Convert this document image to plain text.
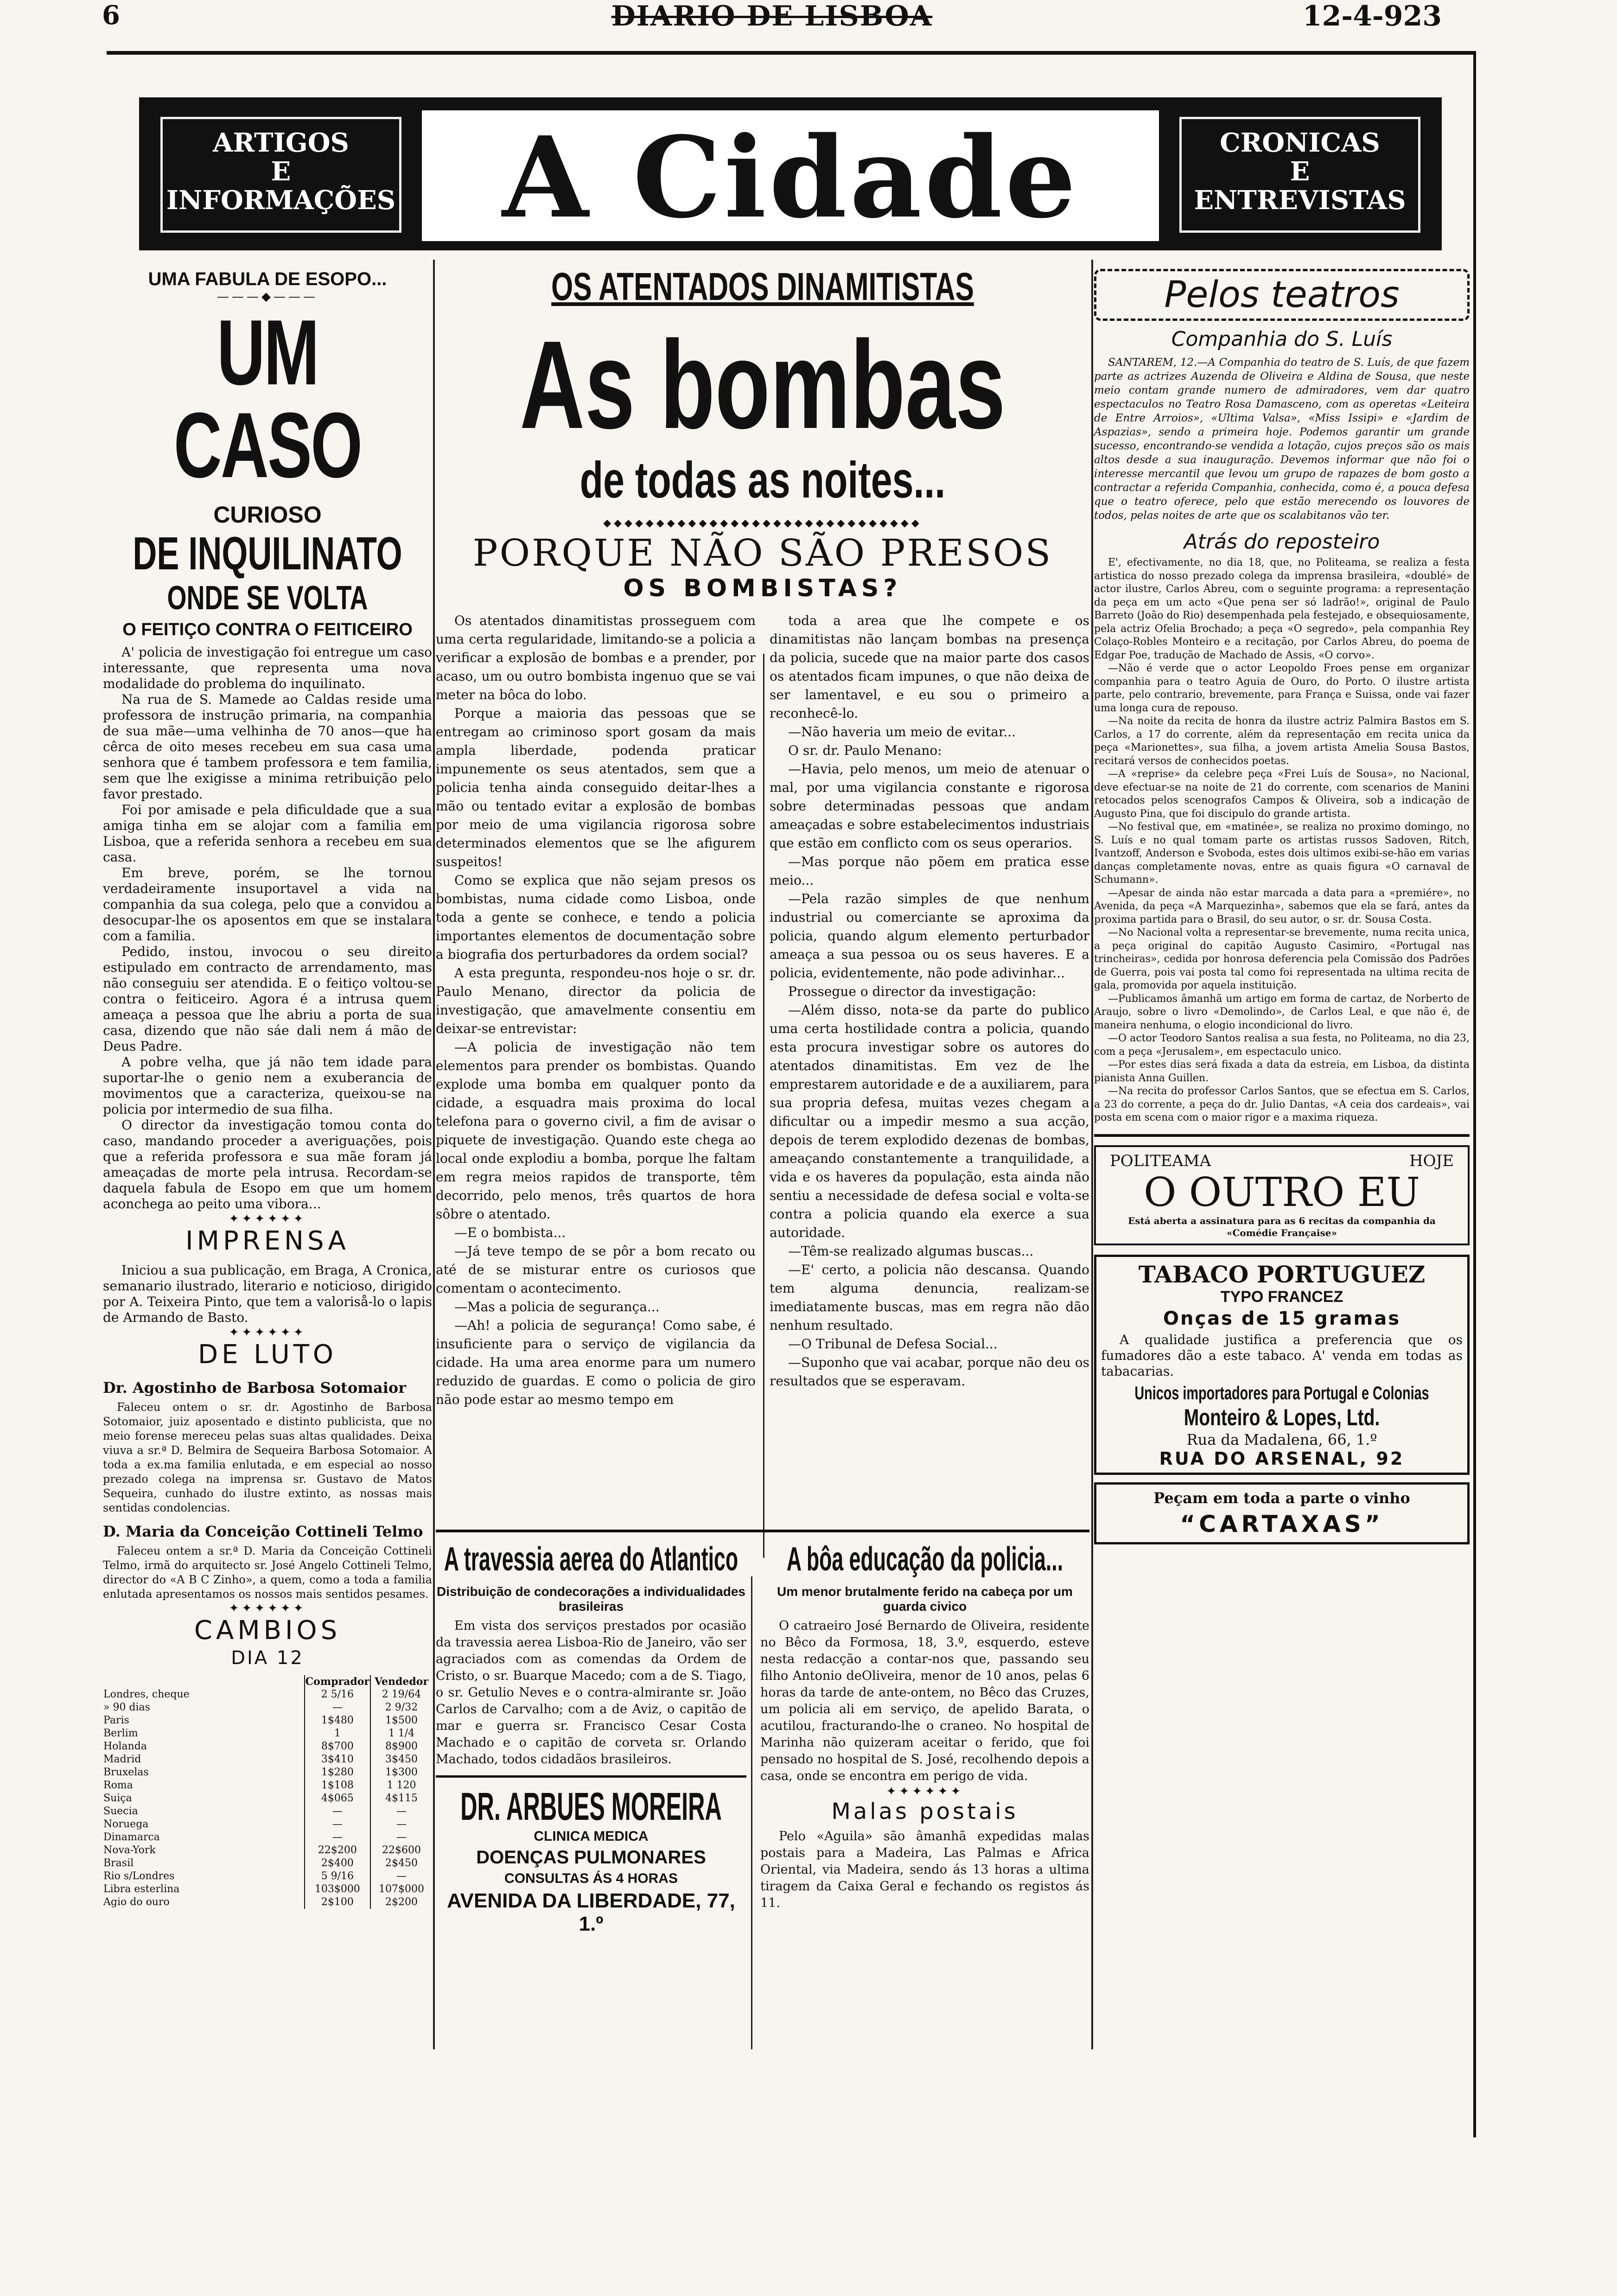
6	DIARIO DE LISBOA	12-4-923
ARTIGOS
E
INFORMAÇÕES A Cidade	CRONICAS
E
ENTREVISTAS
UMA FABULA DE ESOPO...
———◆———
UM CASO
CURIOSO
DE INQUILINATO
ONDE SE VOLTA
O FEITIÇO CONTRA O FEITICEIRO

A' policia de investigação foi entregue um caso interessante, que representa uma nova modalidade do problema do inquilinato.

Na rua de S. Mamede ao Caldas reside uma professora de instrução primaria, na companhia de sua mãe—uma velhinha de 70 anos—que ha cêrca de oito meses recebeu em sua casa uma senhora que é tambem professora e tem familia, sem que lhe exigisse a minima retribuição pelo favor prestado.

Foi por amisade e pela dificuldade que a sua amiga tinha em se alojar com a familia em Lisboa, que a referida senhora a recebeu em sua casa.

Em breve, porém, se lhe tornou verdadeiramente insuportavel a vida na companhia da sua colega, pelo que a convidou a desocupar-lhe os aposentos em que se instalara com a familia.

Pedido, instou, invocou o seu direito estipulado em contracto de arrendamento, mas não conseguiu ser atendida. E o feitiço voltou-se contra o feiticeiro. Agora é a intrusa quem ameaça a pessoa que lhe abriu a porta de sua casa, dizendo que não sáe dali nem á mão de Deus Padre.

A pobre velha, que já não tem idade para suportar-lhe o genio nem a exuberancia de movimentos que a caracteriza, queixou-se na policia por intermedio de sua filha.

O director da investigação tomou conta do caso, mandando proceder a averiguações, pois que a referida professora e sua mãe foram já ameaçadas de morte pela intrusa. Recordam-se daquela fabula de Esopo em que um homem aconchega ao peito uma vibora...

✦✦✦✦✦✦
IMPRENSA

Iniciou a sua publicação, em Braga, A Cronica, semanario ilustrado, literario e noticioso, dirigido por A. Teixeira Pinto, que tem a valoriså-lo o lapis de Armando de Basto.

✦✦✦✦✦✦
DE LUTO
Dr. Agostinho de Barbosa Sotomaior

Faleceu ontem o sr. dr. Agostinho de Barbosa Sotomaior, juiz aposentado e distinto publicista, que no meio forense mereceu pelas suas altas qualidades. Deixa viuva a sr.ª D. Belmira de Sequeira Barbosa Sotomaior. A toda a ex.ma familia enlutada, e em especial ao nosso prezado colega na imprensa sr. Gustavo de Matos Sequeira, cunhado do ilustre extinto, as nossas mais sentidas condolencias.

D. Maria da Conceição Cottineli Telmo

Faleceu ontem a sr.ª D. Maria da Conceição Cottineli Telmo, irmã do arquitecto sr. José Angelo Cottineli Telmo, director do «A B C Zinho», a quem, como a toda a familia enlutada apresentamos os nossos mais sentidos pesames.

✦✦✦✦✦✦
CAMBIOS
DIA 12
	Comprador	Vendedor
Londres, cheque	2 5/16	2 19/64
» 90 dias	—	2 9/32
Paris	1$480	1$500
Berlim	1	1 1/4
Holanda	8$700	8$900
Madrid	3$410	3$450
Bruxelas	1$280	1$300
Roma	1$108	1 120
Suiça	4$065	4$115
Suecia	—	—
Noruega	—	—
Dinamarca	—	—
Nova-York	22$200	22$600
Brasil	2$400	2$450
Rio s/Londres	5 9/16	—
Libra esterlina	103$000	107$000
Agio do ouro	2$100	2$200
OS ATENTADOS DINAMITISTAS
As bombas
de todas as noites...
◆◆◆◆◆◆◆◆◆◆◆◆◆◆◆◆◆◆◆◆◆◆◆◆◆◆◆◆◆◆
PORQUE NÃO SÃO PRESOS
OS BOMBISTAS?

Os atentados dinamitistas prosseguem com uma certa regularidade, limitando-se a policia a verificar a explosão de bombas e a prender, por acaso, um ou outro bombista ingenuo que se vai meter na bôca do lobo.

Porque a maioria das pessoas que se entregam ao criminoso sport gosam da mais ampla liberdade, podenda praticar impunemente os seus atentados, sem que a policia tenha ainda conseguido deitar-lhes a mão ou tentado evitar a explosão de bombas por meio de uma vigilancia rigorosa sobre determinados elementos que se lhe afigurem suspeitos!

Como se explica que não sejam presos os bombistas, numa cidade como Lisboa, onde toda a gente se conhece, e tendo a policia importantes elementos de documentação sobre a biografia dos perturbadores da ordem social?

A esta pregunta, respondeu-nos hoje o sr. dr. Paulo Menano, director da policia de investigação, que amavelmente consentiu em deixar-se entrevistar:

—A policia de investigação não tem elementos para prender os bombistas. Quando explode uma bomba em qualquer ponto da cidade, a esquadra mais proxima do local telefona para o governo civil, a fim de avisar o piquete de investigação. Quando este chega ao local onde explodiu a bomba, porque lhe faltam em regra meios rapidos de transporte, têm decorrido, pelo menos, três quartos de hora sôbre o atentado.

—E o bombista...

—Já teve tempo de se pôr a bom recato ou até de se misturar entre os curiosos que comentam o acontecimento.

—Mas a policia de segurança...

—Ah! a policia de segurança! Como sabe, é insuficiente para o serviço de vigilancia da cidade. Ha uma area enorme para um numero reduzido de guardas. E como o policia de giro não pode estar ao mesmo tempo em

toda a area que lhe compete e os dinamitistas não lançam bombas na presença da policia, sucede que na maior parte dos casos os atentados ficam impunes, o que não deixa de ser lamentavel, e eu sou o primeiro a reconhecê-lo.

—Não haveria um meio de evitar...

O sr. dr. Paulo Menano:

—Havia, pelo menos, um meio de atenuar o mal, por uma vigilancia constante e rigorosa sobre determinadas pessoas que andam ameaçadas e sobre estabelecimentos industriais que estão em conflicto com os seus operarios.

—Mas porque não põem em pratica esse meio...

—Pela razão simples de que nenhum industrial ou comerciante se aproxima da policia, quando algum elemento perturbador ameaça a sua pessoa ou os seus haveres. E a policia, evidentemente, não pode adivinhar...

Prossegue o director da investigação:

—Além disso, nota-se da parte do publico uma certa hostilidade contra a policia, quando esta procura investigar sobre os autores do atentados dinamitistas. Em vez de lhe emprestarem autoridade e de a auxiliarem, para sua propria defesa, muitas vezes chegam a dificultar ou a impedir mesmo a sua acção, depois de terem explodido dezenas de bombas, ameaçando constantemente a tranquilidade, a vida e os haveres da população, esta ainda não sentiu a necessidade de defesa social e volta-se contra a policia quando ela exerce a sua autoridade.

—Têm-se realizado algumas buscas...

—E' certo, a policia não descansa. Quando tem alguma denuncia, realizam-se imediatamente buscas, mas em regra não dão nenhum resultado.

—O Tribunal de Defesa Social...

—Suponho que vai acabar, porque não deu os resultados que se esperavam.

A travessia aerea do Atlantico
Distribuição de condecorações a individualidades brasileiras

Em vista dos serviços prestados por ocasião da travessia aerea Lisboa-Rio de Janeiro, vão ser agraciados com as comendas da Ordem de Cristo, o sr. Buarque Macedo; com a de S. Tiago, o sr. Getulio Neves e o contra-almirante sr. João Carlos de Carvalho; com a de Aviz, o capitão de mar e guerra sr. Francisco Cesar Costa Machado e o capitão de corveta sr. Orlando Machado, todos cidadãos brasileiros.

DR. ARBUES MOREIRA
CLINICA MEDICA
DOENÇAS PULMONARES
CONSULTAS ÁS 4 HORAS
AVENIDA DA LIBERDADE, 77, 1.º
A bôa educação da policia...
Um menor brutalmente ferido na cabeça por um guarda civico

O catraeiro José Bernardo de Oliveira, residente no Bêco da Formosa, 18, 3.º, esquerdo, esteve nesta redacção a contar-nos que, passando seu filho Antonio deOliveira, menor de 10 anos, pelas 6 horas da tarde de ante-ontem, no Bêco das Cruzes, um policia ali em serviço, de apelido Barata, o acutilou, fracturando-lhe o craneo. No hospital de Marinha não quizeram aceitar o ferido, que foi pensado no hospital de S. José, recolhendo depois a casa, onde se encontra em perigo de vida.

✦✦✦✦✦✦
Malas postais

Pelo «Aguila» são âmanhã expedidas malas postais para a Madeira, Las Palmas e Africa Oriental, via Madeira, sendo ás 13 horas a ultima tiragem da Caixa Geral e fechando os registos ás 11.

Pelos teatros
Companhia do S. Luís

SANTAREM, 12.—A Companhia do teatro de S. Luís, de que fazem parte as actrizes Auzenda de Oliveira e Aldina de Sousa, que neste meio contam grande numero de admiradores, vem dar quatro espectaculos no Teatro Rosa Damasceno, com as operetas «Leiteira de Entre Arroios», «Ultima Valsa», «Miss Issipi» e «Jardim de Aspazias», sendo a primeira hoje. Podemos garantir um grande sucesso, encontrando-se vendida a lotação, cujos preços são os mais altos desde a sua inauguração. Devemos informar que não foi o interesse mercantil que levou um grupo de rapazes de bom gosto a contractar a referida Companhia, conhecida, como é, a pouca defesa que o teatro oferece, pelo que estão merecendo os louvores de todos, pelas noites de arte que os scalabitanos vão ter.

Atrás do reposteiro

E', efectivamente, no dia 18, que, no Politeama, se realiza a festa artistica do nosso prezado colega da imprensa brasileira, «doublé» de actor ilustre, Carlos Abreu, com o seguinte programa: a representação da peça em um acto «Que pena ser só ladrão!», original de Paulo Barreto (João do Rio) desempenhada pela festejado, e obsequiosamente, pela actriz Ofelia Brochado; a peça «O segredo», pela companhia Rey Colaço-Robles Monteiro e a recitação, por Carlos Abreu, do poema de Edgar Poe, tradução de Machado de Assis, «O corvo».

—Não é verde que o actor Leopoldo Froes pense em organizar companhia para o teatro Aguia de Ouro, do Porto. O ilustre artista parte, pelo contrario, brevemente, para França e Suissa, onde vai fazer uma longa cura de repouso.

—Na noite da recita de honra da ilustre actriz Palmira Bastos em S. Carlos, a 17 do corrente, além da representação em recita unica da peça «Marionettes», sua filha, a jovem artista Amelia Sousa Bastos, recitará versos de conhecidos poetas.

—A «reprise» da celebre peça «Frei Luís de Sousa», no Nacional, deve efectuar-se na noite de 21 do corrente, com scenarios de Manini retocados pelos scenografos Campos & Oliveira, sob a indicação de Augusto Pina, que foi discipulo do grande artista.

—No festival que, em «matinée», se realiza no proximo domingo, no S. Luís e no qual tomam parte os artistas russos Sadoven, Ritch, Ivantzoff, Anderson e Svoboda, estes dois ultimos exibi-se-hão em varias danças completamente novas, entre as quais figura «O carnaval de Schumann».

—Apesar de ainda não estar marcada a data para a «premiére», no Avenida, da peça «A Marquezinha», sabemos que ela se fará, antes da proxima partida para o Brasil, do seu autor, o sr. dr. Sousa Costa.

—No Nacional volta a representar-se brevemente, numa recita unica, a peça original do capitão Augusto Casimiro, «Portugal nas trincheiras», cedida por honrosa deferencia pela Comissão dos Padrões de Guerra, pois vai posta tal como foi representada na ultima recita de gala, promovida por aquela instituição.

—Publicamos âmanhã um artigo em forma de cartaz, de Norberto de Araujo, sobre o livro «Demolindo», de Carlos Leal, e que não é, de maneira nenhuma, o elogio incondicional do livro.

—O actor Teodoro Santos realisa a sua festa, no Politeama, no dia 23, com a peça «Jerusalem», em espectaculo unico.

—Por estes dias será fixada a data da estreia, em Lisboa, da distinta pianista Anna Guillen.

—Na recita do professor Carlos Santos, que se efectua em S. Carlos, a 23 do corrente, a peça do dr. Julio Dantas, «A ceia dos cardeais», vai posta em scena com o maior rigor e a maxima riqueza.

POLITEAMA	HOJE
O OUTRO EU
Está aberta a assinatura para as 6 recitas da companhia da «Comédie Française»
TABACO PORTUGUEZ
TYPO FRANCEZ
Onças de 15 gramas

A qualidade justifica a preferencia que os fumadores dão a este tabaco. A' venda em todas as tabacarias.

Unicos importadores para Portugal e Colonias
Monteiro & Lopes, Ltd.
Rua da Madalena, 66, 1.º
RUA DO ARSENAL, 92
Peçam em toda a parte o vinho
“CARTAXAS”
